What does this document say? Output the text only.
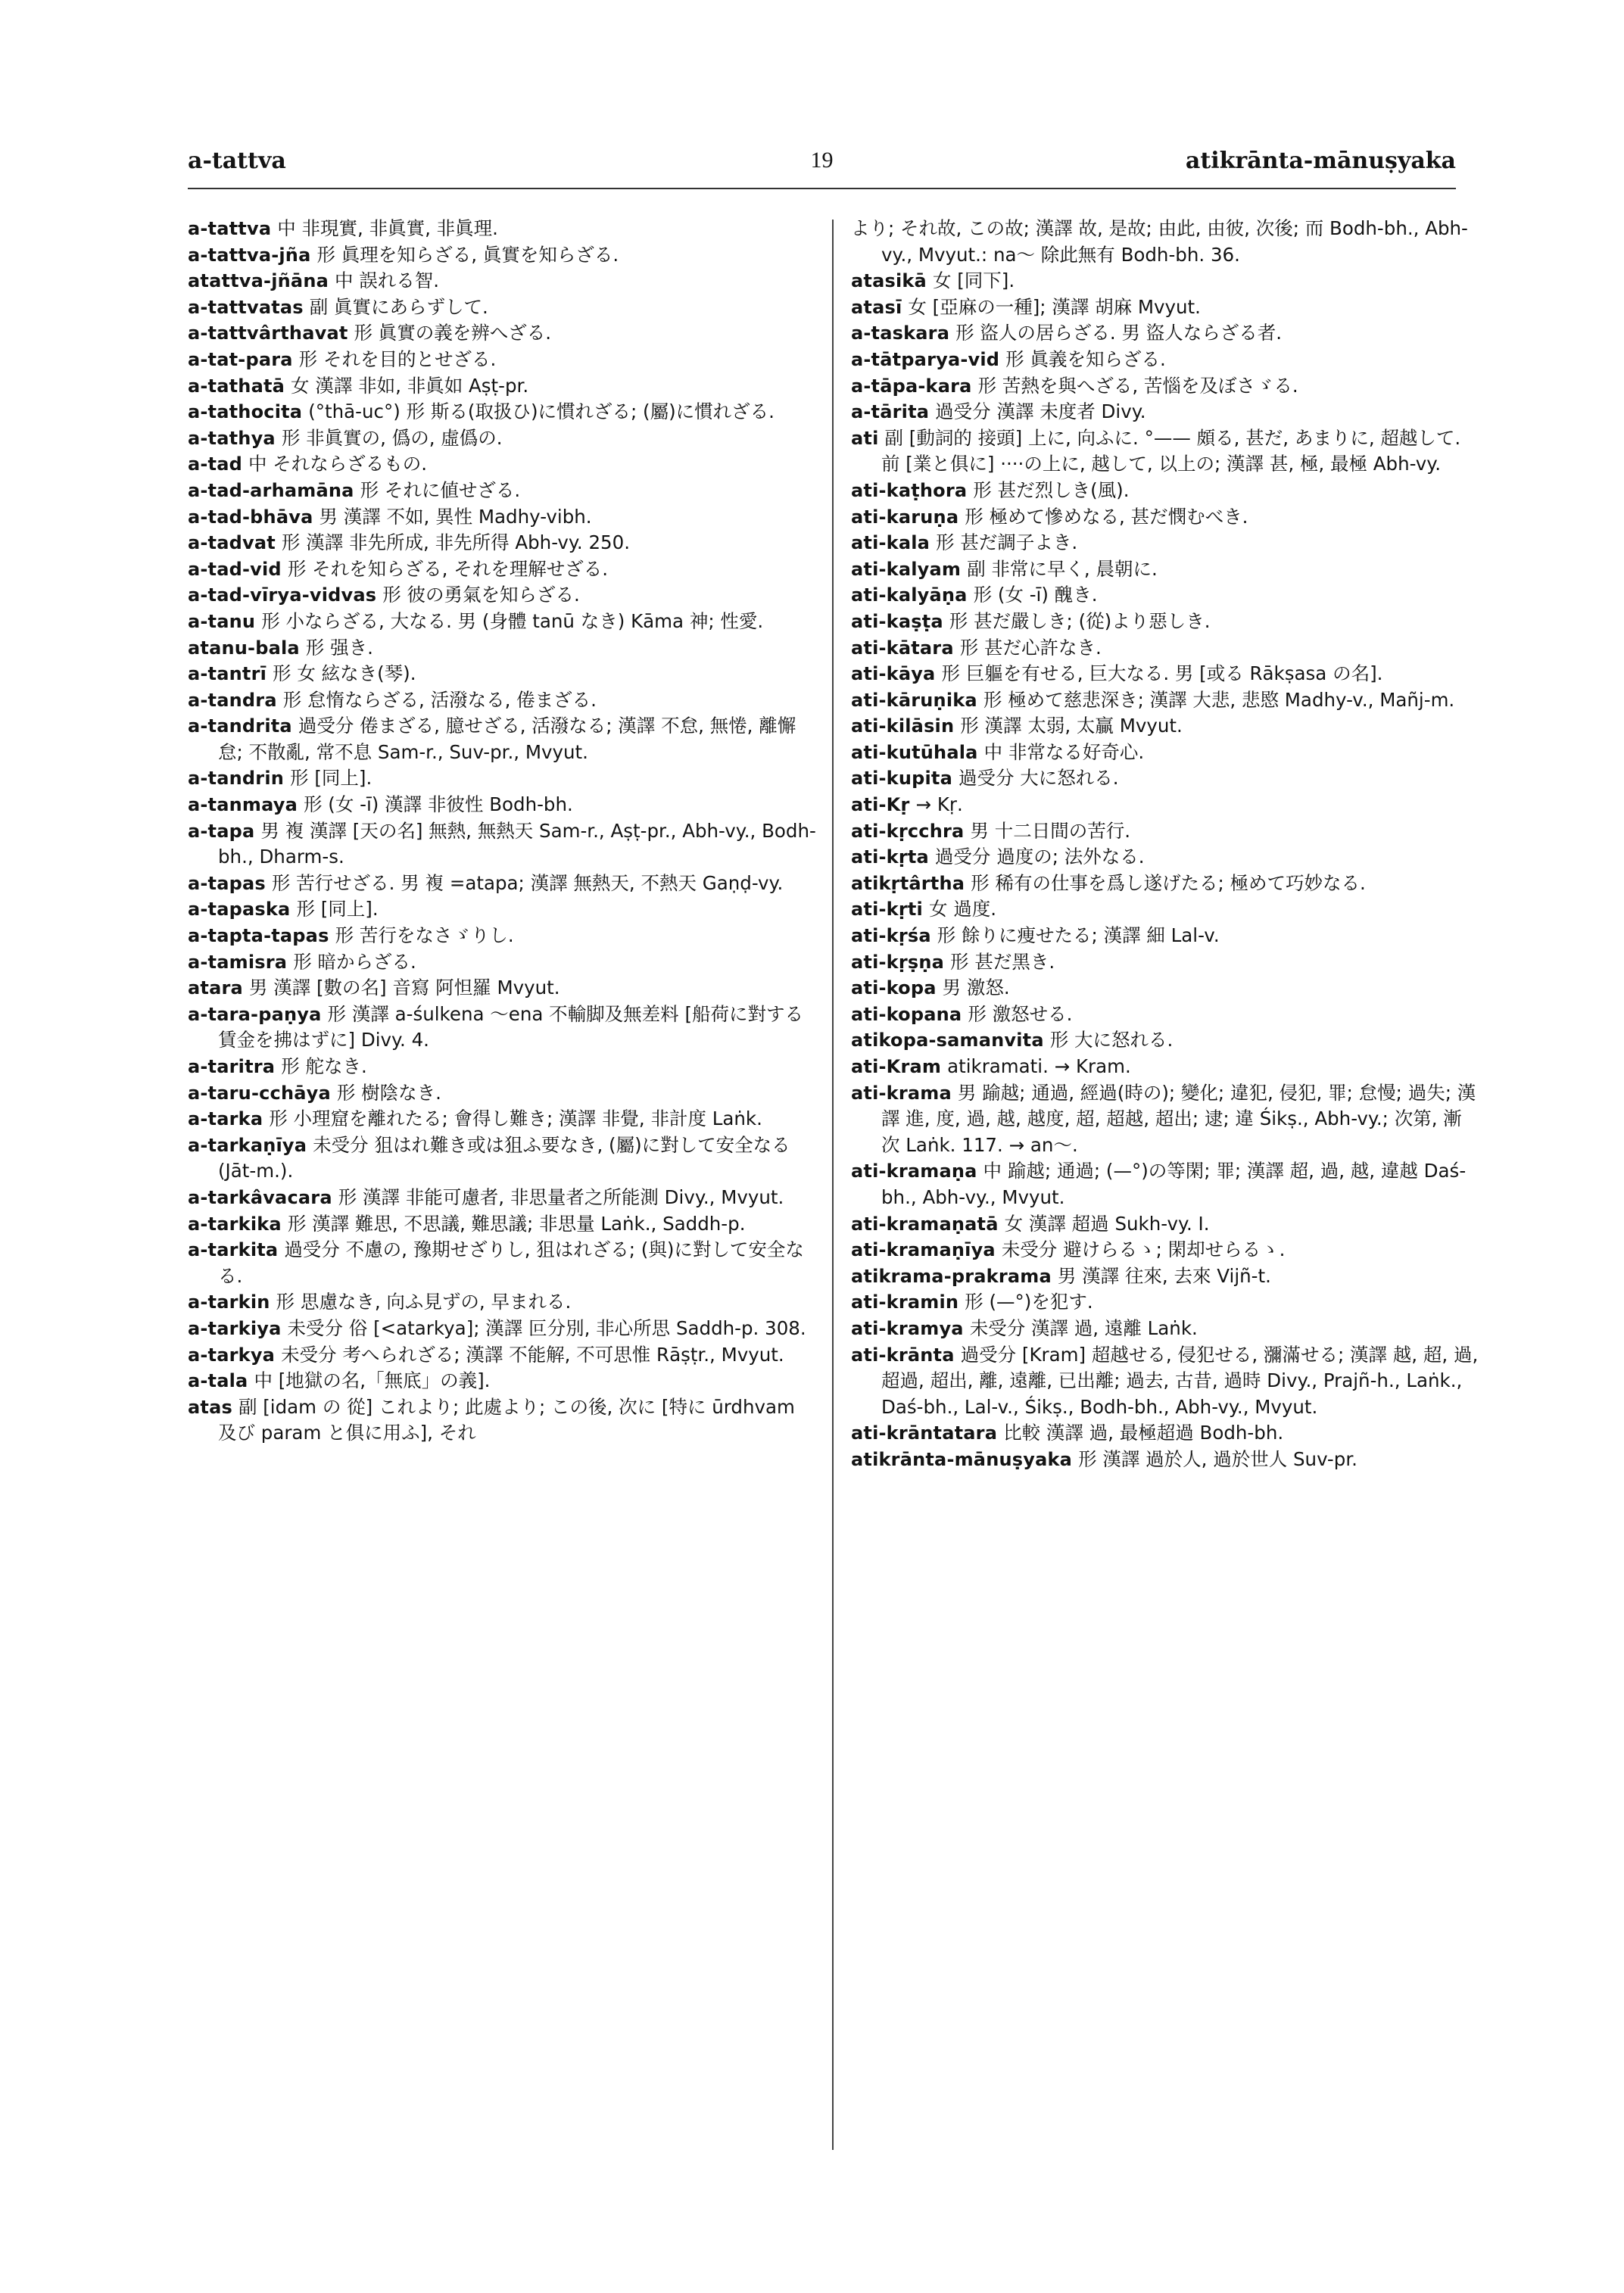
a-tattva	19	atikrānta-mānuṣyaka

a-tattva 中 非現實, 非眞實, 非眞理.

a-tattva-jña 形 眞理を知らざる, 眞實を知らざる.

atattva-jñāna 中 誤れる智.

a-tattvatas 副 眞實にあらずして.

a-tattvârthavat 形 眞實の義を辨へざる.

a-tat-para 形 それを目的とせざる.

a-tathatā 女 漢譯 非如, 非眞如 Aṣṭ-pr.

a-tathocita (°thā-uc°) 形 斯る(取扱ひ)に慣れざる; (屬)に慣れざる.

a-tathya 形 非眞實の, 僞の, 虛僞の.

a-tad 中 それならざるもの.

a-tad-arhamāna 形 それに値せざる.

a-tad-bhāva 男 漢譯 不如, 異性 Madhy-vibh.

a-tadvat 形 漢譯 非先所成, 非先所得 Abh-vy. 250.

a-tad-vid 形 それを知らざる, それを理解せざる.

a-tad-vīrya-vidvas 形 彼の勇氣を知らざる.

a-tanu 形 小ならざる, 大なる. 男 (身體 tanū なき) Kāma 神; 性愛.

atanu-bala 形 强き.

a-tantrī 形 女 絃なき(琴).

a-tandra 形 怠惰ならざる, 活潑なる, 倦まざる.

a-tandrita 過受分 倦まざる, 臆せざる, 活潑なる; 漢譯 不怠, 無惓, 離懈怠; 不散亂, 常不息 Sam-r., Suv-pr., Mvyut.

a-tandrin 形 [同上].

a-tanmaya 形 (女 -ī) 漢譯 非彼性 Bodh-bh.

a-tapa 男 複 漢譯 [天の名] 無熱, 無熱天 Sam-r., Aṣṭ-pr., Abh-vy., Bodh-bh., Dharm-s.

a-tapas 形 苦行せざる. 男 複 =atapa; 漢譯 無熱天, 不熱天 Gaṇḍ-vy.

a-tapaska 形 [同上].

a-tapta-tapas 形 苦行をなさゞりし.

a-tamisra 形 暗からざる.

atara 男 漢譯 [數の名] 音寫 阿怛羅 Mvyut.

a-tara-paṇya 形 漢譯 a-śulkena ～ena 不輸脚及無差料 [船荷に對する賃金を拂はずに] Divy. 4.

a-taritra 形 舵なき.

a-taru-cchāya 形 樹陰なき.

a-tarka 形 小理窟を離れたる; 會得し難き; 漢譯 非覺, 非計度 Laṅk.

a-tarkaṇīya 未受分 狙はれ難き或は狙ふ要なき, (屬)に對して安全なる (Jāt-m.).

a-tarkâvacara 形 漢譯 非能可慮者, 非思量者之所能測 Divy., Mvyut.

a-tarkika 形 漢譯 難思, 不思議, 難思議; 非思量 Laṅk., Saddh-p.

a-tarkita 過受分 不慮の, 豫期せざりし, 狙はれざる; (與)に對して安全なる.

a-tarkin 形 思慮なき, 向ふ見ずの, 早まれる.

a-tarkiya 未受分 俗 [<atarkya]; 漢譯 叵分別, 非心所思 Saddh-p. 308.

a-tarkya 未受分 考へられざる; 漢譯 不能解, 不可思惟 Rāṣṭr., Mvyut.

a-tala 中 [地獄の名,「無底」の義].

atas 副 [idam の 從] これより; 此處より; この後, 次に [特に ūrdhvam 及び param と俱に用ふ], それ

より; それ故, この故; 漢譯 故, 是故; 由此, 由彼, 次後; 而 Bodh-bh., Abh-vy., Mvyut.: na～ 除此無有 Bodh-bh. 36.

atasikā 女 [同下].

atasī 女 [亞麻の一種]; 漢譯 胡麻 Mvyut.

a-taskara 形 盜人の居らざる. 男 盜人ならざる者.

a-tātparya-vid 形 眞義を知らざる.

a-tāpa-kara 形 苦熱を與へざる, 苦惱を及ぼさゞる.

a-tārita 過受分 漢譯 未度者 Divy.

ati 副 [動詞的 接頭] 上に, 向ふに. °—— 頗る, 甚だ, あまりに, 超越して. 前 [業と俱に] ····の上に, 越して, 以上の; 漢譯 甚, 極, 最極 Abh-vy.

ati-kaṭhora 形 甚だ烈しき(風).

ati-karuṇa 形 極めて慘めなる, 甚だ憫むべき.

ati-kala 形 甚だ調子よき.

ati-kalyam 副 非常に早く, 晨朝に.

ati-kalyāṇa 形 (女 -ī) 醜き.

ati-kaṣṭa 形 甚だ嚴しき; (從)より惡しき.

ati-kātara 形 甚だ心許なき.

ati-kāya 形 巨軀を有せる, 巨大なる. 男 [或る Rākṣasa の名].

ati-kāruṇika 形 極めて慈悲深き; 漢譯 大悲, 悲愍 Madhy-v., Mañj-m.

ati-kilāsin 形 漢譯 太弱, 太贏 Mvyut.

ati-kutūhala 中 非常なる好奇心.

ati-kupita 過受分 大に怒れる.

ati-Kṛ → Kṛ.

ati-kṛcchra 男 十二日間の苦行.

ati-kṛta 過受分 過度の; 法外なる.

atikṛtârtha 形 稀有の仕事を爲し遂げたる; 極めて巧妙なる.

ati-kṛti 女 過度.

ati-kṛśa 形 餘りに痩せたる; 漢譯 細 Lal-v.

ati-kṛṣṇa 形 甚だ黑き.

ati-kopa 男 激怒.

ati-kopana 形 激怒せる.

atikopa-samanvita 形 大に怒れる.

ati-Kram atikramati. → Kram.

ati-krama 男 踰越; 通過, 經過(時の); 變化; 違犯, 侵犯, 罪; 怠慢; 過失; 漢譯 進, 度, 過, 越, 越度, 超, 超越, 超出; 逮; 違 Śikṣ., Abh-vy.; 次第, 漸次 Laṅk. 117. → an～.

ati-kramaṇa 中 踰越; 通過; (—°)の等閑; 罪; 漢譯 超, 過, 越, 違越 Daś-bh., Abh-vy., Mvyut.

ati-kramaṇatā 女 漢譯 超過 Sukh-vy. I.

ati-kramaṇīya 未受分 避けらるゝ; 閑却せらるゝ.

atikrama-prakrama 男 漢譯 往來, 去來 Vijñ-t.

ati-kramin 形 (—°)を犯す.

ati-kramya 未受分 漢譯 過, 遠離 Laṅk.

ati-krānta 過受分 [Kram] 超越せる, 侵犯せる, 瀰滿せる; 漢譯 越, 超, 過, 超過, 超出, 離, 遠離, 已出離; 過去, 古昔, 過時 Divy., Prajñ-h., Laṅk., Daś-bh., Lal-v., Śikṣ., Bodh-bh., Abh-vy., Mvyut.

ati-krāntatara 比較 漢譯 過, 最極超過 Bodh-bh.

atikrānta-mānuṣyaka 形 漢譯 過於人, 過於世人 Suv-pr.
